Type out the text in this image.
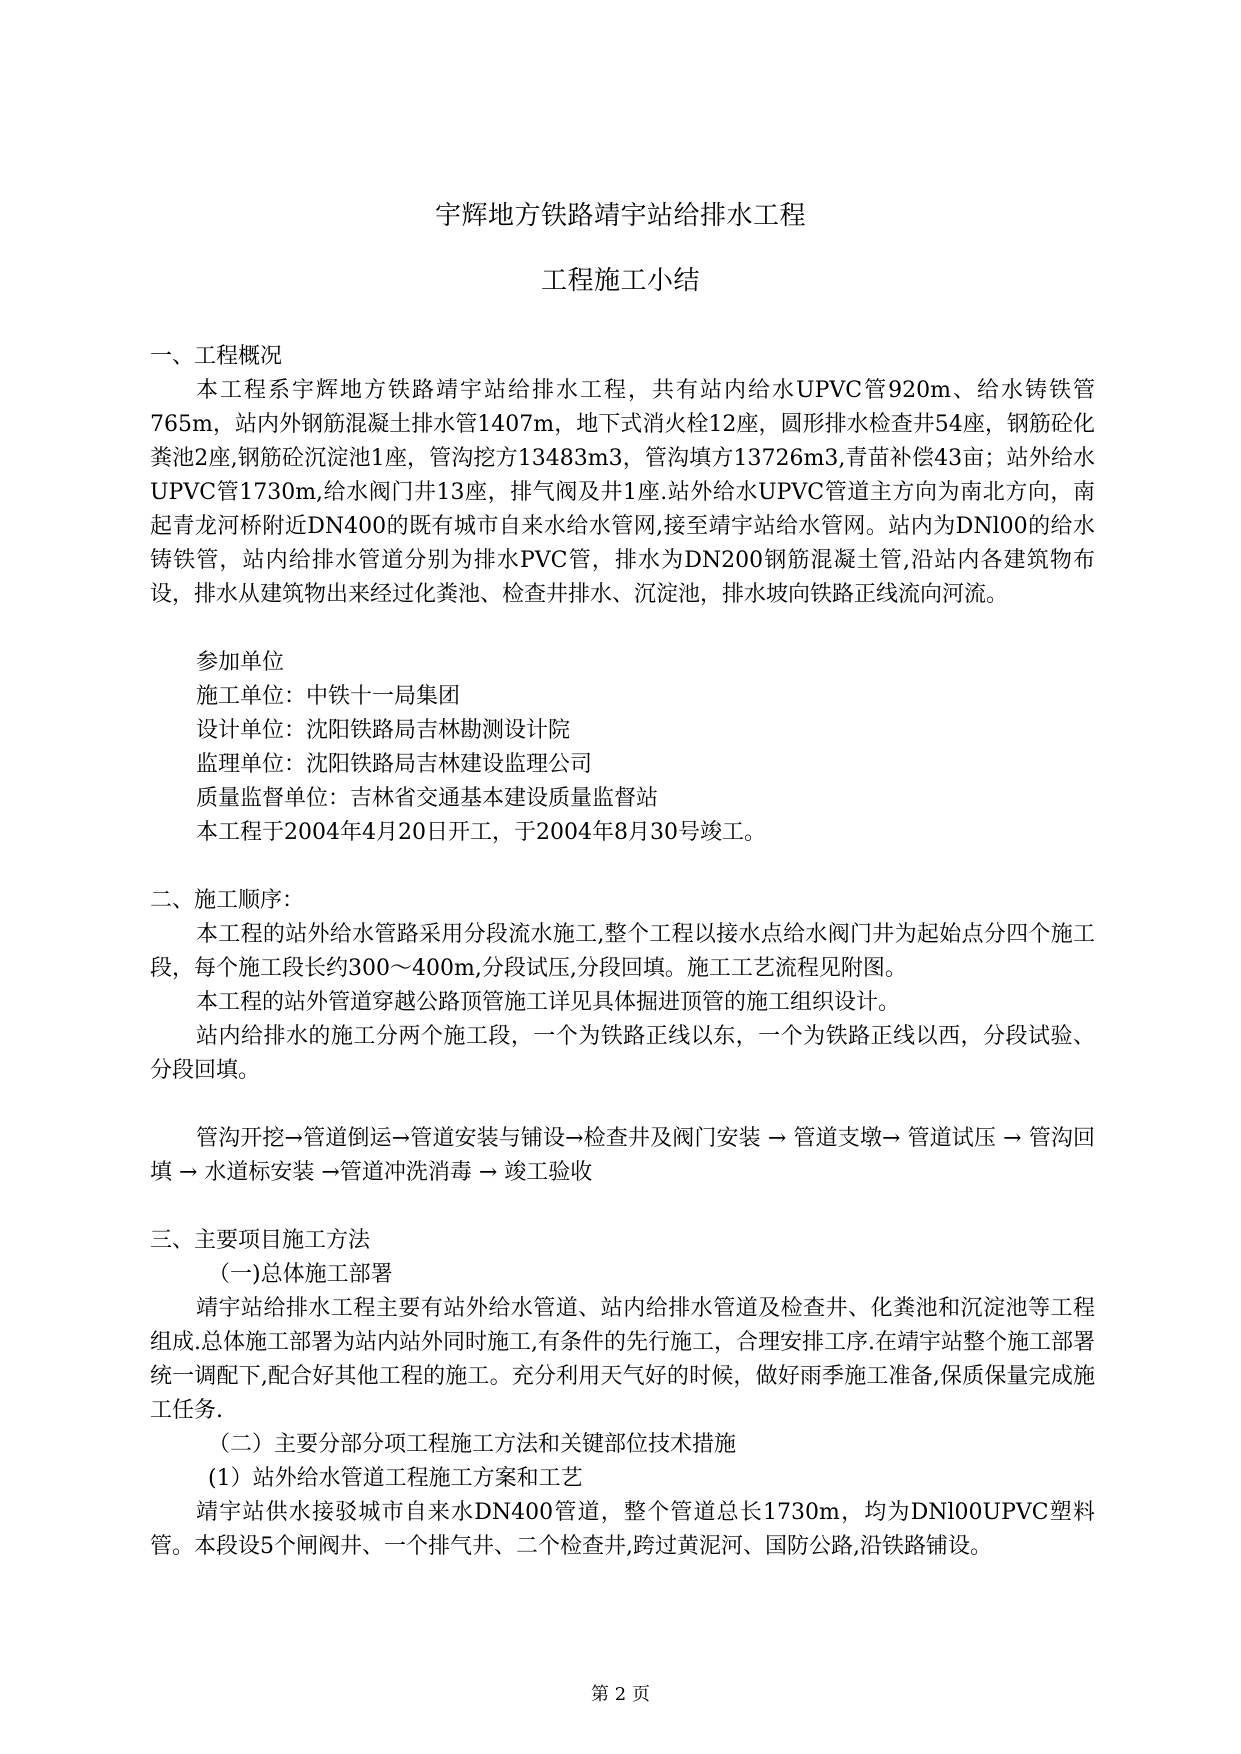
宇辉地方铁路靖宇站给排水工程
工程施工小结

一、工程概况

本工程系宇辉地方铁路靖宇站给排水工程，共有站内给水UPVC管920m、给水铸铁管765m，站内外钢筋混凝土排水管1407m，地下式消火栓12座，圆形排水检查井54座，钢筋砼化粪池2座,钢筋砼沉淀池1座，管沟挖方13483m3，管沟填方13726m3,青苗补偿43亩；站外给水UPVC管1730m,给水阀门井13座，排气阀及井1座.站外给水UPVC管道主方向为南北方向，南起青龙河桥附近DN400的既有城市自来水给水管网,接至靖宇站给水管网。站内为DNl00的给水铸铁管，站内给排水管道分别为排水PVC管，排水为DN200钢筋混凝土管,沿站内各建筑物布设，排水从建筑物出来经过化粪池、检查井排水、沉淀池，排水坡向铁路正线流向河流。

参加单位

施工单位：中铁十一局集团

设计单位：沈阳铁路局吉林勘测设计院

监理单位：沈阳铁路局吉林建设监理公司

质量监督单位：吉林省交通基本建设质量监督站

本工程于2004年4月20日开工，于2004年8月30号竣工。

二、施工顺序：

本工程的站外给水管路采用分段流水施工,整个工程以接水点给水阀门井为起始点分四个施工段，每个施工段长约300～400m,分段试压,分段回填。施工工艺流程见附图。

本工程的站外管道穿越公路顶管施工详见具体掘进顶管的施工组织设计。

站内给排水的施工分两个施工段，一个为铁路正线以东，一个为铁路正线以西，分段试验、分段回填。

管沟开挖→管道倒运→管道安装与铺设→检查井及阀门安装 → 管道支墩→ 管道试压 → 管沟回填 → 水道标安装 →管道冲洗消毒 → 竣工验收

三、主要项目施工方法

（一)总体施工部署

靖宇站给排水工程主要有站外给水管道、站内给排水管道及检查井、化粪池和沉淀池等工程组成.总体施工部署为站内站外同时施工,有条件的先行施工，合理安排工序.在靖宇站整个施工部署统一调配下,配合好其他工程的施工。充分利用天气好的时候，做好雨季施工准备,保质保量完成施工任务.

（二）主要分部分项工程施工方法和关键部位技术措施

(1）站外给水管道工程施工方案和工艺

靖宇站供水接驳城市自来水DN400管道，整个管道总长1730m，均为DNl00UPVC塑料管。本段设5个闸阀井、一个排气井、二个检查井,跨过黄泥河、国防公路,沿铁路铺设。

第 2 页
